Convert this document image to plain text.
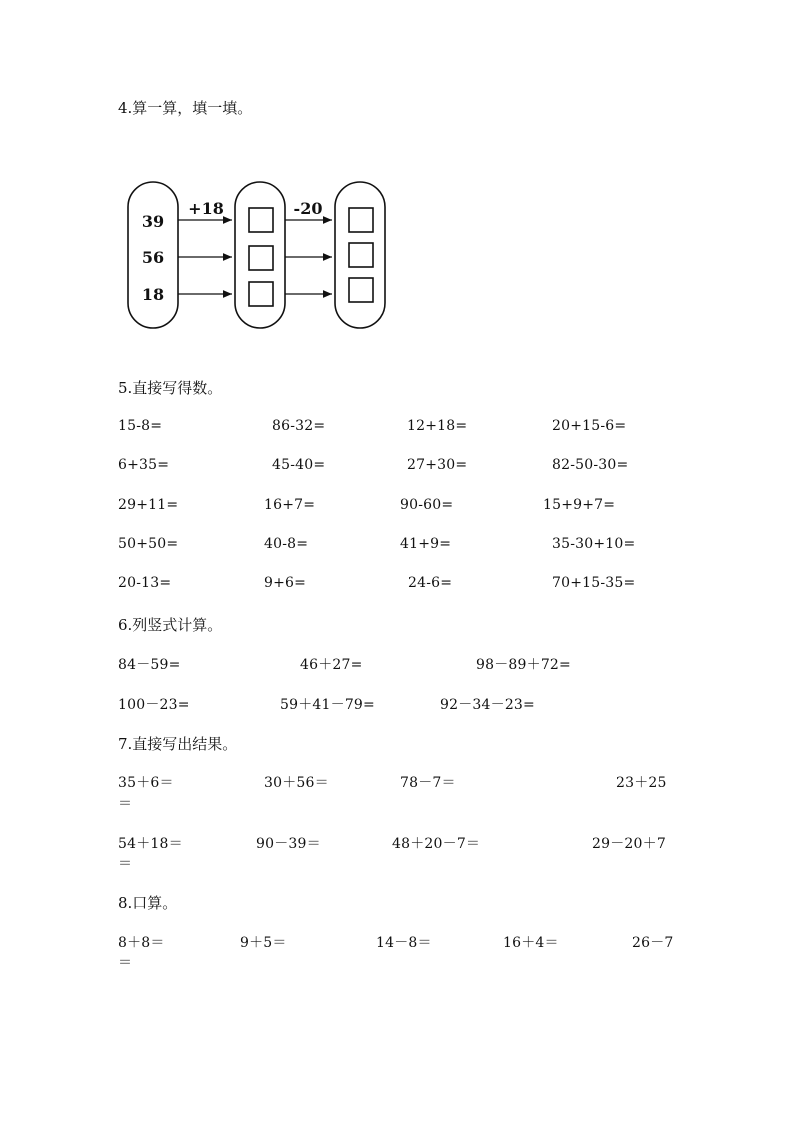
4.算一算，填一填。
39
56
18
+18	-20
5.直接写得数。
15-8=	86-32=	12+18=	20+15-6=
6+35=	45-40=	27+30=	82-50-30=
29+11=	16+7=	90-60=	15+9+7=
50+50=	40-8=	41+9=	35-30+10=
20-13=	9+6=	24-6=	70+15-35=
6.列竖式计算。
84－59=	46＋27=	98－89＋72=
100－23=	59＋41－79=	92－34－23=
7.直接写出结果。
35＋6＝	30＋56＝	78－7＝	23＋25
＝
54＋18＝	90－39＝	48＋20－7＝	29－20＋7
＝
8.口算。
8＋8＝	9＋5＝	14－8＝	16＋4＝	26－7
＝
